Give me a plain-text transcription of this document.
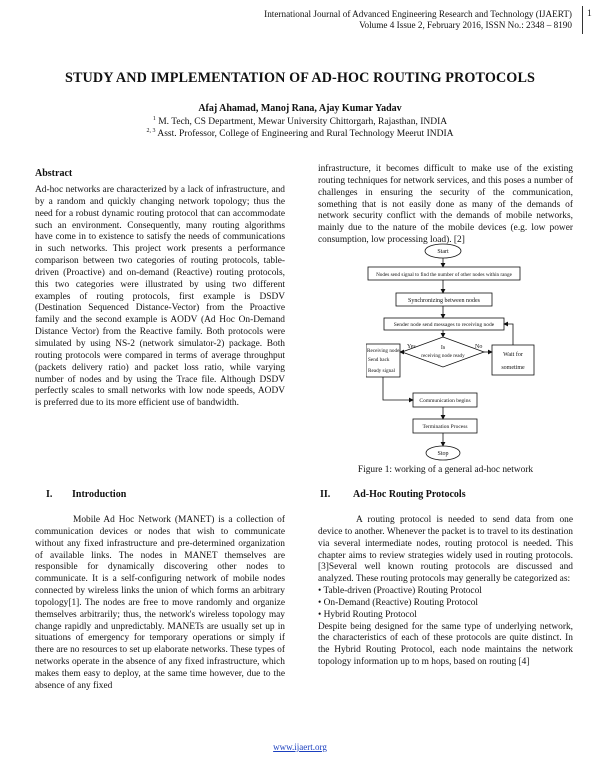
International Journal of Advanced Engineering Research and Technology (IJAERT)
Volume 4 Issue 2, February 2016, ISSN No.: 2348 – 8190
1
STUDY AND IMPLEMENTATION OF AD-HOC ROUTING PROTOCOLS
Afaj Ahamad, Manoj Rana, Ajay Kumar Yadav
$^1$ M. Tech, CS Department, Mewar University Chittorgarh, Rajasthan, INDIA
$^{2, 3}$ Asst. Professor, College of Engineering and Rural Technology Meerut INDIA
Abstract

Ad-hoc networks are characterized by a lack of infrastructure, and by a random and quickly changing network topology; thus the need for a robust dynamic routing protocol that can accommodate such an environment. Consequently, many routing algorithms have come in to existence to satisfy the needs of communications in such networks. This project work presents a performance comparison between two categories of routing protocols, table-driven (Proactive) and on-demand (Reactive) routing protocols, this two categories were illustrated by using two different examples of routing protocols, first example is DSDV (Destination Sequenced Distance-Vector) from the Proactive family and the second example is AODV (Ad Hoc On-Demand Distance Vector) from the Reactive family. Both protocols were simulated by using NS-2 (network simulator-2) package. Both routing protocols were compared in terms of average throughput (packets delivery ratio) and packet loss ratio, while varying number of nodes and by using the Trace file. Although DSDV perfectly scales to small networks with low node speeds, AODV is preferred due to its more efficient use of bandwidth.

I. Introduction

Mobile Ad Hoc Network (MANET) is a collection of communication devices or nodes that wish to communicate without any fixed infrastructure and pre-determined organization of available links. The nodes in MANET themselves are responsible for dynamically discovering other nodes to communicate. It is a self-configuring network of mobile nodes connected by wireless links the union of which forms an arbitrary topology[1]. The nodes are free to move randomly and organize themselves arbitrarily; thus, the network's wireless topology may change rapidly and unpredictably. MANETs are usually set up in situations of emergency for temporary operations or simply if there are no resources to set up elaborate networks. These types of networks operate in the absence of any fixed infrastructure, which makes them easy to deploy, at the same time however, due to the absence of any fixed

infrastructure, it becomes difficult to make use of the existing routing techniques for network services, and this poses a number of challenges in ensuring the security of the communication, something that is not easily done as many of the demands of network security conflict with the demands of mobile networks, mainly due to the nature of the mobile devices (e.g. low power consumption, low processing load). [2]

Start
Nodes send signal to find the number of other nodes within range
Synchronizing between nodes
Sender node send messages to receiving node
Is
receiving node ready
Yes	No
Receiving node
Send back
Ready signal
Wait for
sometime
Communication begins
Termination Process
Stop
Figure 1: working of a general ad-hoc network
II. Ad-Hoc Routing Protocols

A routing protocol is needed to send data from one device to another. Whenever the packet is to travel to its destination via several intermediate nodes, routing protocol is needed. This chapter aims to review strategies widely used in routing protocols. [3]Several well known routing protocols are discussed and analyzed. These routing protocols may generally be categorized as:

• Table-driven (Proactive) Routing Protocol
• On-Demand (Reactive) Routing Protocol
• Hybrid Routing Protocol

Despite being designed for the same type of underlying network, the characteristics of each of these protocols are quite distinct. In the Hybrid Routing Protocol, each node maintains the network topology information up to m hops, based on routing [4]

www.ijaert.org
